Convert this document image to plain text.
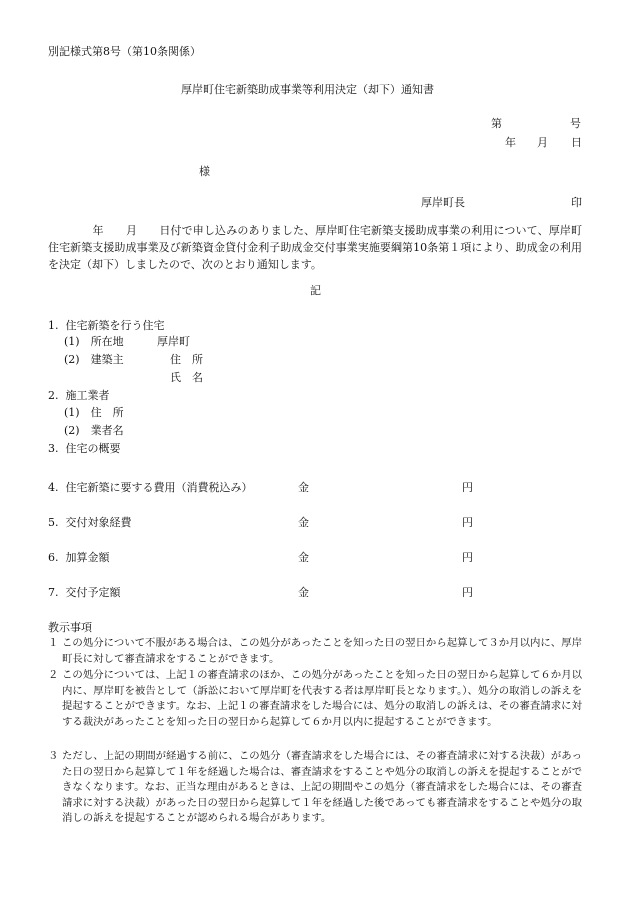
別記様式第8号（第10条関係）
厚岸町住宅新築助成事業等利用決定（却下）通知書
第	号
年 月 日
様
厚岸町長	印
　　　　年　　月　　日付で申し込みのありました、厚岸町住宅新築支援助成事業の利用について、厚岸町住宅新築支援助成事業及び新築資金貸付金利子助成金交付事業実施要綱第10条第１項により、助成金の利用を決定（却下）しましたので、次のとおり通知します。
記
1.  住宅新築を行う住宅
(1)　所在地	厚岸町
(2)　建築主	住　所
氏　名
2.  施工業者
(1)　住　所
(2)　業者名
3.  住宅の概要
4.  住宅新築に要する費用（消費税込み）	金	円
5.  交付対象経費	金	円
6.  加算金額	金	円
7.  交付予定額	金	円
教示事項
１ この処分について不服がある場合は、この処分があったことを知った日の翌日から起算して３か月以内に、厚岸町長に対して審査請求をすることができます。
２ この処分については、上記１の審査請求のほか、この処分があったことを知った日の翌日から起算して６か月以内に、厚岸町を被告として（訴訟において厚岸町を代表する者は厚岸町長となります。）、処分の取消しの訴えを提起することができます。なお、上記１の審査請求をした場合には、処分の取消しの訴えは、その審査請求に対する裁決があったことを知った日の翌日から起算して６か月以内に提起することができます。
３ ただし、上記の期間が経過する前に、この処分（審査請求をした場合には、その審査請求に対する決裁）があった日の翌日から起算して１年を経過した場合は、審査請求をすることや処分の取消しの訴えを提起することができなくなります。なお、正当な理由があるときは、上記の期間やこの処分（審査請求をした場合には、その審査請求に対する決裁）があった日の翌日から起算して１年を経過した後であっても審査請求をすることや処分の取消しの訴えを提起することが認められる場合があります。
